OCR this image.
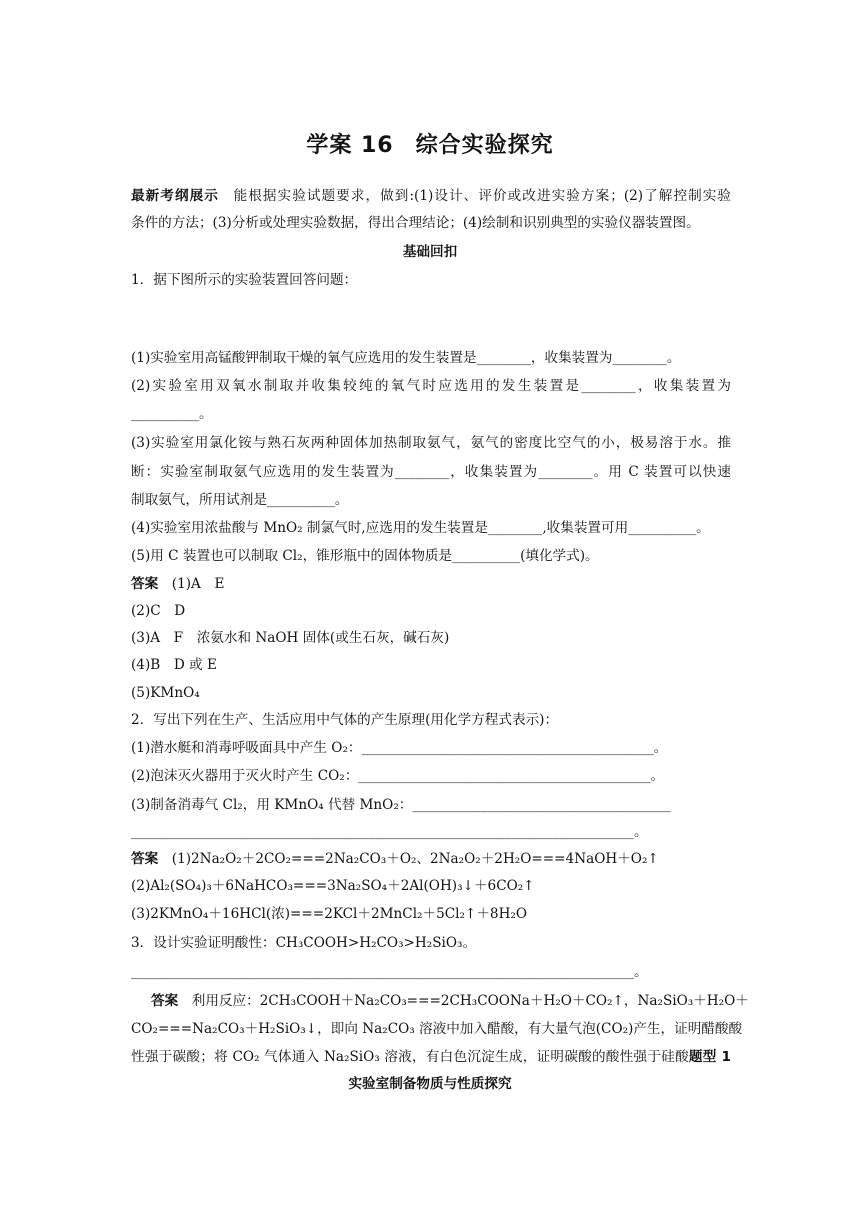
学案 16 综合实验探究
最新考纲展示　 能根据实验试题要求，做到:(1)设计、评价或改进实验方案；(2)了解控制实验
条件的方法；(3)分析或处理实验数据，得出合理结论；(4)绘制和识别典型的实验仪器装置图。
基础回扣
1．据下图所示的实验装置回答问题：
(1)实验室用高锰酸钾制取干燥的氧气应选用的发生装置是________，收集装置为________。
(2)实验室用双氧水制取并收集较纯的氧气时应选用的发生装置是________，收集装置为
__________。
(3)实验室用氯化铵与熟石灰两种固体加热制取氨气，氨气的密度比空气的小，极易溶于水。推
断：实验室制取氨气应选用的发生装置为________，收集装置为________。用 C 装置可以快速
制取氨气，所用试剂是__________。
(4)实验室用浓盐酸与 MnO₂ 制氯气时,应选用的发生装置是________,收集装置可用__________。
(5)用 C 装置也可以制取 Cl₂，锥形瓶中的固体物质是__________(填化学式)。
答案　 (1)A　E
(2)C　D
(3)A　F　浓氨水和 NaOH 固体(或生石灰，碱石灰)
(4)B　D 或 E
(5)KMnO₄
2．写出下列在生产、生活应用中气体的产生原理(用化学方程式表示)：
(1)潜水艇和消毒呼吸面具中产生 O₂：___________________________________________。
(2)泡沫灭火器用于灭火时产生 CO₂：___________________________________________。
(3)制备消毒气 Cl₂，用 KMnO₄ 代替 MnO₂：______________________________________
__________________________________________________________________________。
答案　 (1)2Na₂O₂＋2CO₂===2Na₂CO₃＋O₂、2Na₂O₂＋2H₂O===4NaOH＋O₂↑
(2)Al₂(SO₄)₃＋6NaHCO₃===3Na₂SO₄＋2Al(OH)₃↓＋6CO₂↑
(3)2KMnO₄＋16HCl(浓)===2KCl＋2MnCl₂＋5Cl₂↑＋8H₂O
3．设计实验证明酸性：CH₃COOH>H₂CO₃>H₂SiO₃。
__________________________________________________________________________。
答案　 利用反应：2CH₃COOH＋Na₂CO₃===2CH₃COONa＋H₂O＋CO₂↑，Na₂SiO₃＋H₂O＋
CO₂===Na₂CO₃＋H₂SiO₃↓，即向 Na₂CO₃ 溶液中加入醋酸，有大量气泡(CO₂)产生，证明醋酸酸
性强于碳酸；将 CO₂ 气体通入 Na₂SiO₃ 溶液，有白色沉淀生成，证明碳酸的酸性强于硅酸题型 1
实验室制备物质与性质探究
